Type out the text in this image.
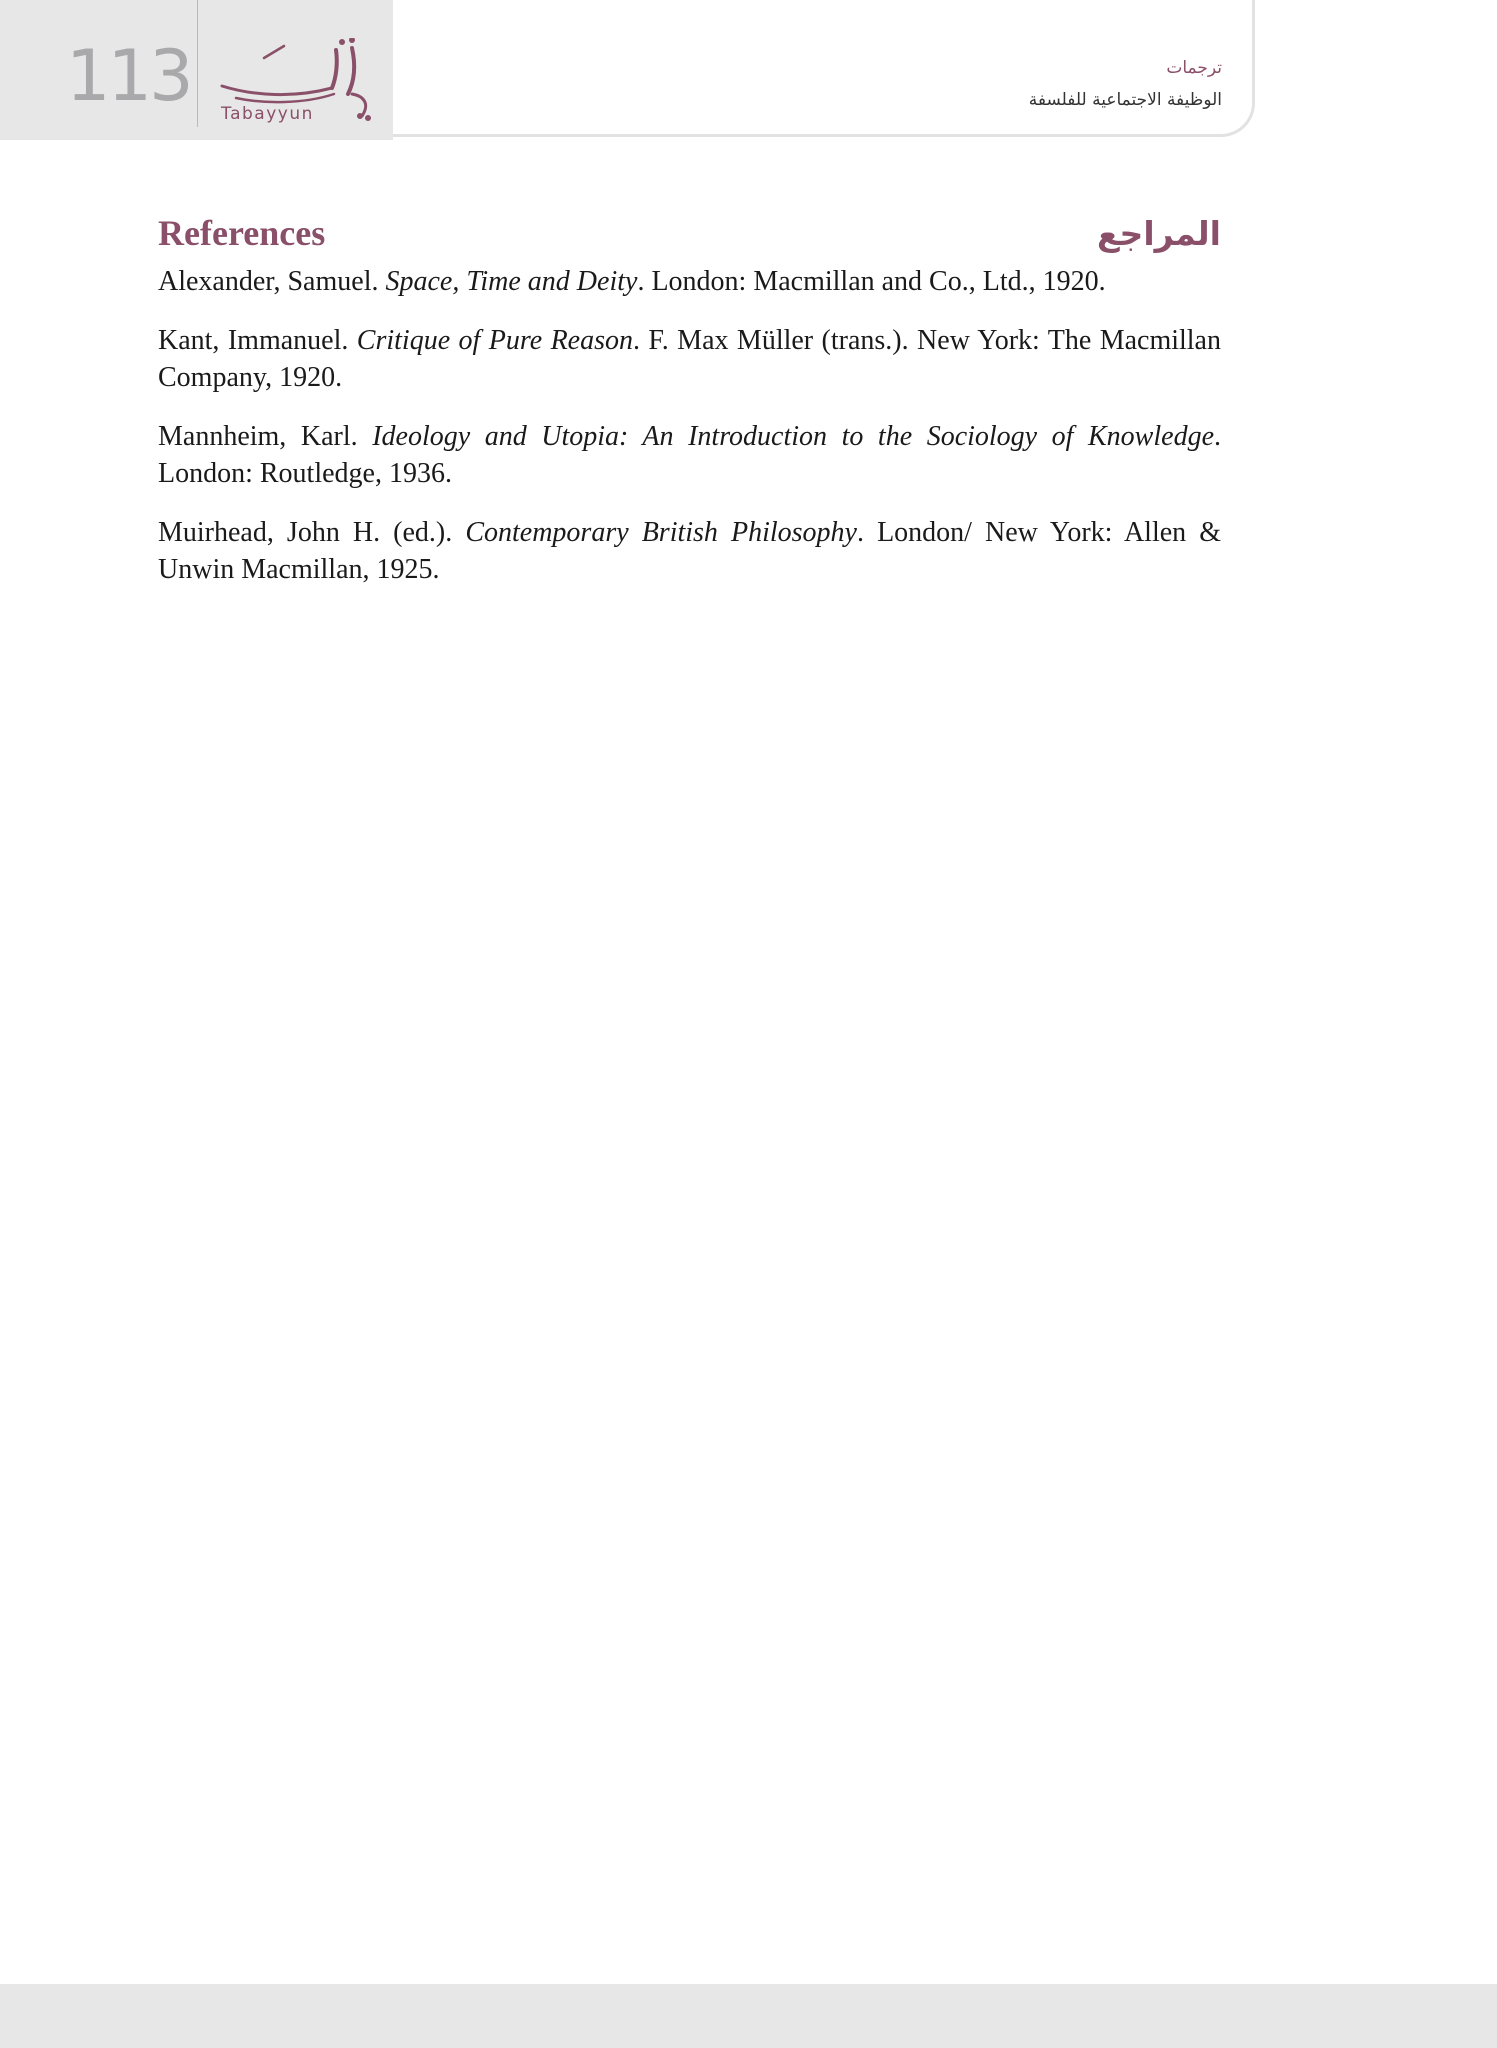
113 Tabayyun
ترجمات
الوظيفة الاجتماعية للفلسفة
References	المراجع
Alexander, Samuel. Space, Time and Deity. London: Macmillan and Co., Ltd., 1920.
Kant, Immanuel. Critique of Pure Reason. F. Max Müller (trans.). New York: The Macmillan Company, 1920.
Mannheim, Karl. Ideology and Utopia: An Introduction to the Sociology of Knowledge. London: Routledge, 1936.
Muirhead, John H. (ed.). Contemporary British Philosophy. London/ New York: Allen & Unwin Macmillan, 1925.
